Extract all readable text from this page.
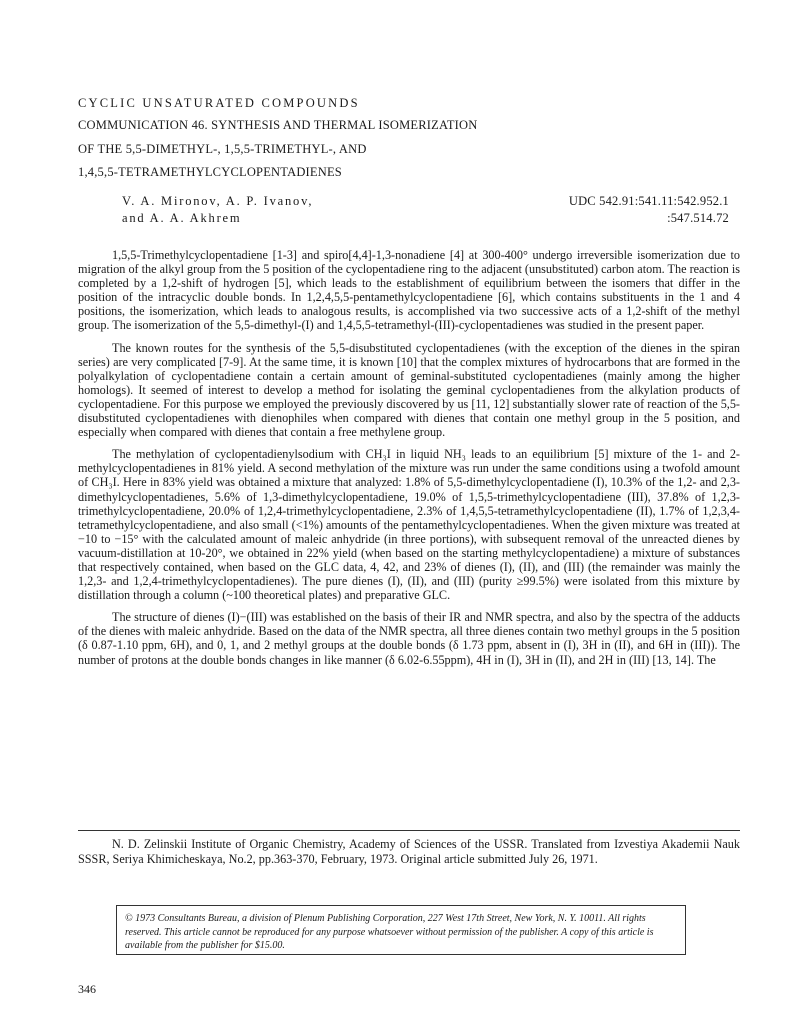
CYCLIC UNSATURATED COMPOUNDS
COMMUNICATION 46. SYNTHESIS AND THERMAL ISOMERIZATION
OF THE 5,5-DIMETHYL-, 1,5,5-TRIMETHYL-, AND
1,4,5,5-TETRAMETHYLCYCLOPENTADIENES
V. A. Mironov, A. P. Ivanov,
and A. A. Akhrem
UDC 542.91:541.11:542.952.1
:547.514.72

1,5,5-Trimethylcyclopentadiene [1-3] and spiro[4,4]-1,3-nonadiene [4] at 300-400° undergo irreversible isomerization due to migration of the alkyl group from the 5 position of the cyclopentadiene ring to the adjacent (unsubstituted) carbon atom. The reaction is completed by a 1,2-shift of hydrogen [5], which leads to the establishment of equilibrium between the isomers that differ in the position of the intracyclic double bonds. In 1,2,4,5,5-pentamethylcyclopentadiene [6], which contains substituents in the 1 and 4 positions, the isomerization, which leads to analogous results, is accomplished via two successive acts of a 1,2-shift of the methyl group. The isomerization of the 5,5-dimethyl-(I) and 1,4,5,5-tetramethyl-(III)-cyclopentadienes was studied in the present paper.

The known routes for the synthesis of the 5,5-disubstituted cyclopentadienes (with the exception of the dienes in the spiran series) are very complicated [7-9]. At the same time, it is known [10] that the complex mixtures of hydrocarbons that are formed in the polyalkylation of cyclopentadiene contain a certain amount of geminal-substituted cyclopentadienes (mainly among the higher homologs). It seemed of interest to develop a method for isolating the geminal cyclopentadienes from the alkylation products of cyclopentadiene. For this purpose we employed the previously discovered by us [11, 12] substantially slower rate of reaction of the 5,5-disubstituted cyclopentadienes with dienophiles when compared with dienes that contain one methyl group in the 5 position, and especially when compared with dienes that contain a free methylene group.

The methylation of cyclopentadienylsodium with CH₃I in liquid NH₃ leads to an equilibrium [5] mixture of the 1- and 2-methylcyclopentadienes in 81% yield. A second methylation of the mixture was run under the same conditions using a twofold amount of CH₃I. Here in 83% yield was obtained a mixture that analyzed: 1.8% of 5,5-dimethylcyclopentadiene (I), 10.3% of the 1,2- and 2,3-dimethylcyclopentadienes, 5.6% of 1,3-dimethylcyclopentadiene, 19.0% of 1,5,5-trimethylcyclopentadiene (III), 37.8% of 1,2,3-trimethylcyclopentadiene, 20.0% of 1,2,4-trimethylcyclopentadiene, 2.3% of 1,4,5,5-tetramethylcyclopentadiene (II), 1.7% of 1,2,3,4-tetramethylcyclopentadiene, and also small (<1%) amounts of the pentamethylcyclopentadienes. When the given mixture was treated at −10 to −15° with the calculated amount of maleic anhydride (in three portions), with subsequent removal of the unreacted dienes by vacuum-distillation at 10-20°, we obtained in 22% yield (when based on the starting methylcyclopentadiene) a mixture of substances that respectively contained, when based on the GLC data, 4, 42, and 23% of dienes (I), (II), and (III) (the remainder was mainly the 1,2,3- and 1,2,4-trimethylcyclopentadienes). The pure dienes (I), (II), and (III) (purity ≥99.5%) were isolated from this mixture by distillation through a column (~100 theoretical plates) and preparative GLC.

The structure of dienes (I)−(III) was established on the basis of their IR and NMR spectra, and also by the spectra of the adducts of the dienes with maleic anhydride. Based on the data of the NMR spectra, all three dienes contain two methyl groups in the 5 position (δ 0.87-1.10 ppm, 6H), and 0, 1, and 2 methyl groups at the double bonds (δ 1.73 ppm, absent in (I), 3H in (II), and 6H in (III)). The number of protons at the double bonds changes in like manner (δ 6.02-6.55ppm), 4H in (I), 3H in (II), and 2H in (III) [13, 14]. The

N. D. Zelinskii Institute of Organic Chemistry, Academy of Sciences of the USSR. Translated from Izvestiya Akademii Nauk SSSR, Seriya Khimicheskaya, No.2, pp.363-370, February, 1973. Original article submitted July 26, 1971.

© 1973 Consultants Bureau, a division of Plenum Publishing Corporation, 227 West 17th Street, New York, N. Y. 10011. All rights reserved. This article cannot be reproduced for any purpose whatsoever without permission of the publisher. A copy of this article is available from the publisher for $15.00.
346
